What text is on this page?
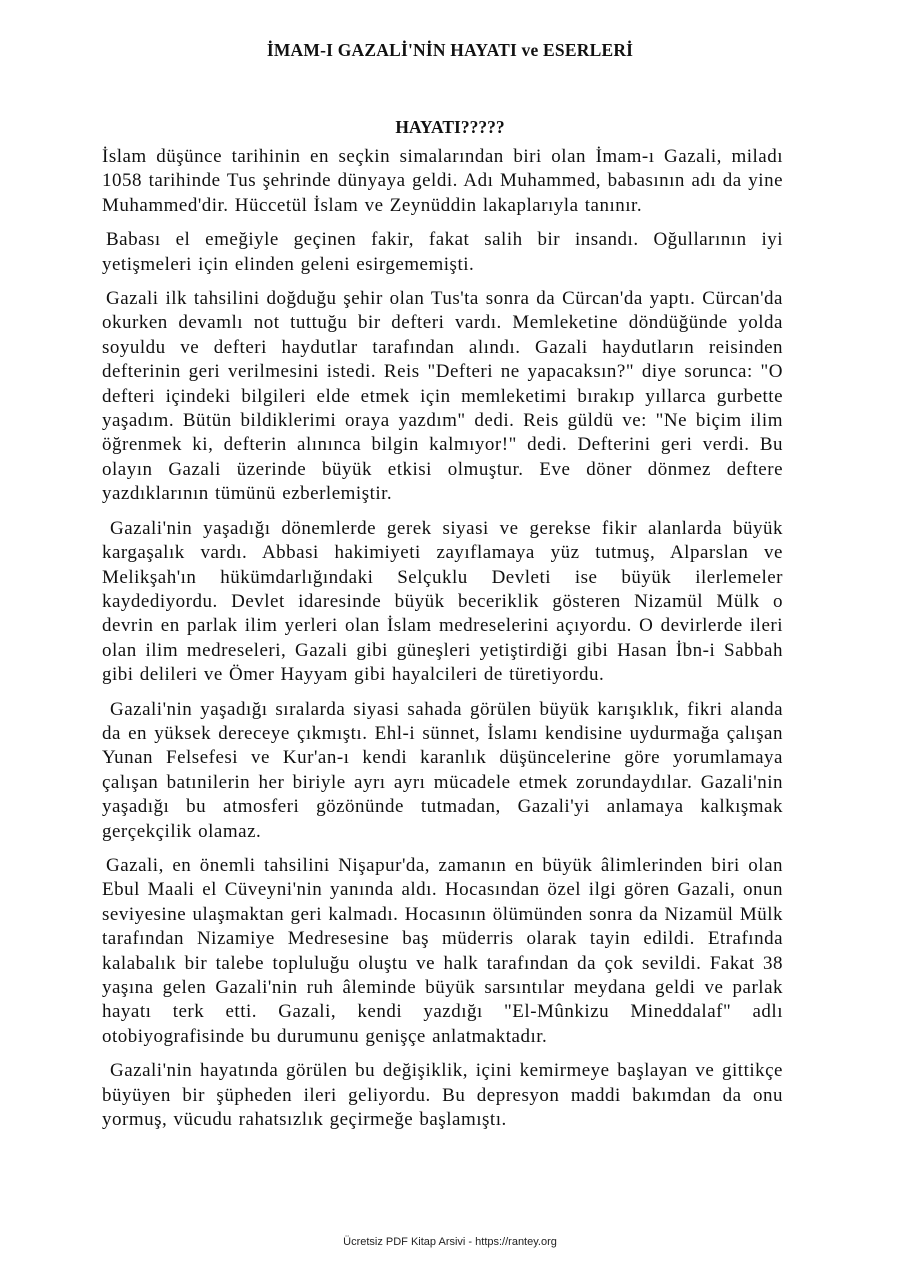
İMAM-I GAZALİ'NİN HAYATI ve ESERLERİ
HAYATI?????

İslam düşünce tarihinin en seçkin simalarından biri olan İmam-ı Gazali, miladı 1058 tarihinde Tus şehrinde dünyaya geldi. Adı Muhammed, babasının adı da yine Muhammed'dir. Hüccetül İslam ve Zeynüddin lakaplarıyla tanınır.

Babası el emeğiyle geçinen fakir, fakat salih bir insandı. Oğullarının iyi yetişmeleri için elinden geleni esirgememişti.

Gazali ilk tahsilini doğduğu şehir olan Tus'ta sonra da Cürcan'da yaptı. Cürcan'da okurken devamlı not tuttuğu bir defteri vardı. Memleketine döndüğünde yolda soyuldu ve defteri haydutlar tarafından alındı. Gazali haydutların reisinden defterinin geri verilmesini istedi. Reis "Defteri ne yapacaksın?" diye sorunca: "O defteri içindeki bilgileri elde etmek için memleketimi bırakıp yıllarca gurbette yaşadım. Bütün bildiklerimi oraya yazdım" dedi. Reis güldü ve: "Ne biçim ilim öğrenmek ki, defterin alınınca bilgin kalmıyor!" dedi. Defterini geri verdi. Bu olayın Gazali üzerinde büyük etkisi olmuştur. Eve döner dönmez deftere yazdıklarının tümünü ezberlemiştir.

Gazali'nin yaşadığı dönemlerde gerek siyasi ve gerekse fikir alanlarda büyük kargaşalık vardı. Abbasi hakimiyeti zayıflamaya yüz tutmuş, Alparslan ve Melikşah'ın hükümdarlığındaki Selçuklu Devleti ise büyük ilerlemeler kaydediyordu. Devlet idaresinde büyük beceriklik gösteren Nizamül Mülk o devrin en parlak ilim yerleri olan İslam medreselerini açıyordu. O devirlerde ileri olan ilim medreseleri, Gazali gibi güneşleri yetiştirdiği gibi Hasan İbn-i Sabbah gibi delileri ve Ömer Hayyam gibi hayalcileri de türetiyordu.

Gazali'nin yaşadığı sıralarda siyasi sahada görülen büyük karışıklık, fikri alanda da en yüksek dereceye çıkmıştı. Ehl-i sünnet, İslamı kendisine uydurmağa çalışan Yunan Felsefesi ve Kur'an-ı kendi karanlık düşüncelerine göre yorumlamaya çalışan batınilerin her biriyle ayrı ayrı mücadele etmek zorundaydılar. Gazali'nin yaşadığı bu atmosferi gözönünde tutmadan, Gazali'yi anlamaya kalkışmak gerçekçilik olamaz.

Gazali, en önemli tahsilini Nişapur'da, zamanın en büyük âlimlerinden biri olan Ebul Maali el Cüveyni'nin yanında aldı. Hocasından özel ilgi gören Gazali, onun seviyesine ulaşmaktan geri kalmadı. Hocasının ölümünden sonra da Nizamül Mülk tarafından Nizamiye Medresesine baş müderris olarak tayin edildi. Etrafında kalabalık bir talebe topluluğu oluştu ve halk tarafından da çok sevildi. Fakat 38 yaşına gelen Gazali'nin ruh âleminde büyük sarsıntılar meydana geldi ve parlak hayatı terk etti. Gazali, kendi yazdığı "El-Mûnkizu Mineddalaf" adlı otobiyografisinde bu durumunu genişçe anlatmaktadır.

Gazali'nin hayatında görülen bu değişiklik, içini kemirmeye başlayan ve gittikçe büyüyen bir şüpheden ileri geliyordu. Bu depresyon maddi bakımdan da onu yormuş, vücudu rahatsızlık geçirmeğe başlamıştı.

Ücretsiz PDF Kitap Arsivi - https://rantey.org
